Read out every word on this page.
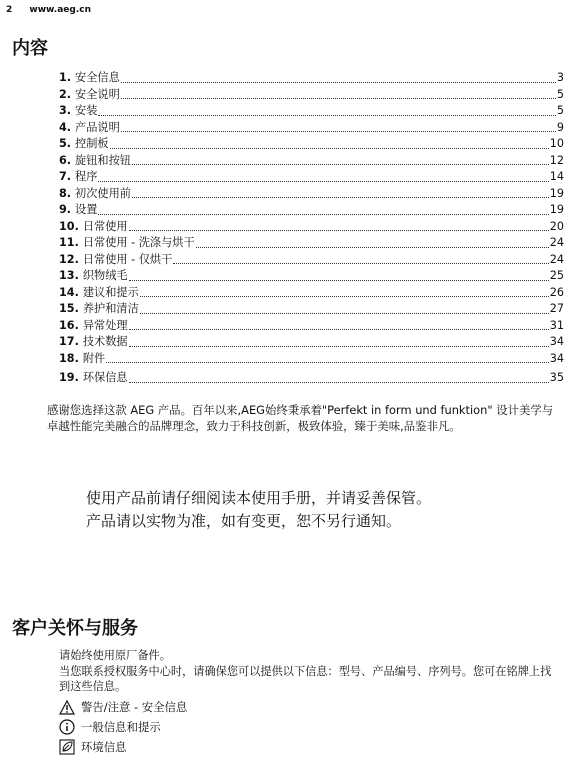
2 www.aeg.cn
内容
1. 安全信息	3
2. 安全说明	5
3. 安装	5
4. 产品说明	9
5. 控制板	10
6. 旋钮和按钮	12
7. 程序	14
8. 初次使用前	19
9. 设置	19
10. 日常使用	20
11. 日常使用 - 洗涤与烘干	24
12. 日常使用 - 仅烘干	24
13. 织物绒毛	25
14. 建议和提示	26
15. 养护和清洁	27
16. 异常处理	31
17. 技术数据	34
18. 附件	34
19. 环保信息	35

感谢您选择这款 AEG 产品。百年以来,AEG始终秉承着"Perfekt in form und funktion" 设计美学与卓越性能完美融合的品牌理念，致力于科技创新，极致体验，臻于美味,品鉴非凡。

使用产品前请仔细阅读本使用手册，并请妥善保管。
产品请以实物为准，如有变更，恕不另行通知。
客户关怀与服务

请始终使用原厂备件。

当您联系授权服务中心时，请确保您可以提供以下信息：型号、产品编号、序列号。您可在铭牌上找到这些信息。

警告/注意 - 安全信息
一般信息和提示
环境信息
